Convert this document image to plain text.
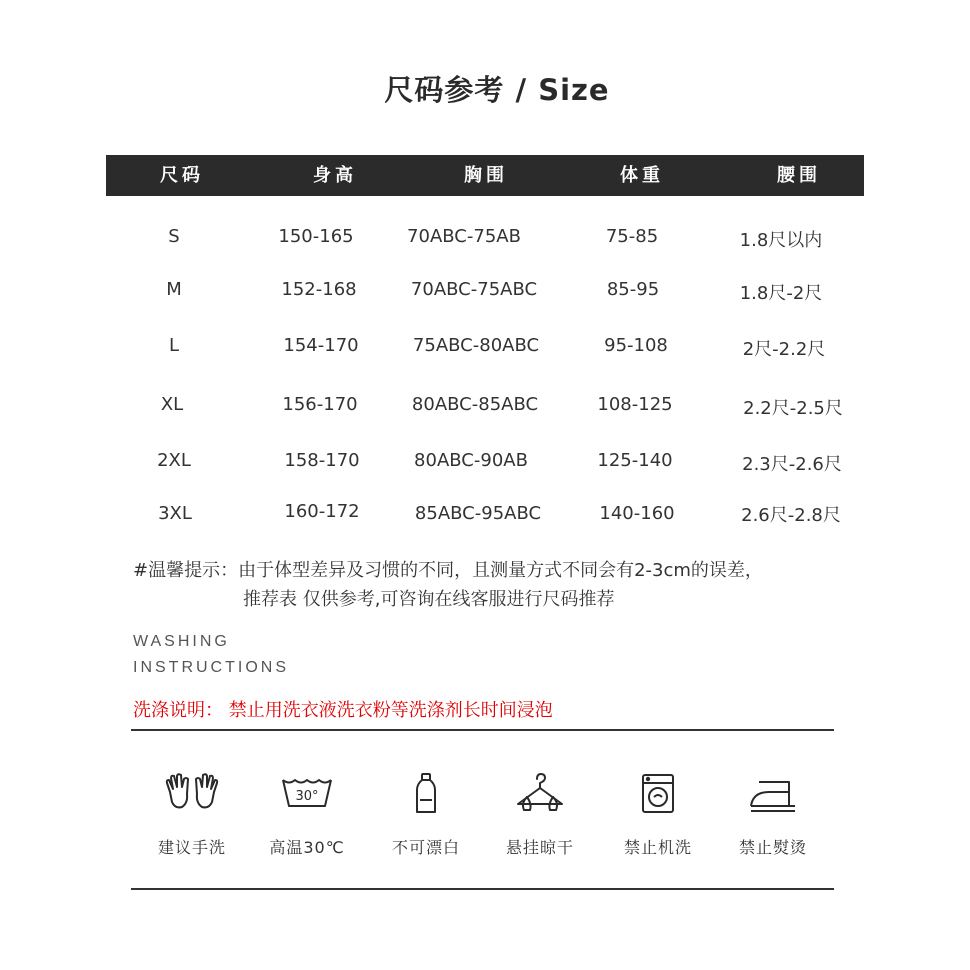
尺码参考 / Size
尺码	身高	胸围	体重	腰围
S	150-165	70ABC-75AB	75-85	1.8尺以内
M	152-168	70ABC-75ABC	85-95	1.8尺-2尺
L	154-170	75ABC-80ABC	95-108	2尺-2.2尺
XL	156-170	80ABC-85ABC	108-125	2.2尺-2.5尺
2XL	158-170	80ABC-90AB	125-140	2.3尺-2.6尺
3XL	160-172	85ABC-95ABC	140-160	2.6尺-2.8尺
#温馨提示：由于体型差异及习惯的不同，且测量方式不同会有2-3cm的误差，
推荐表 仅供参考,可咨询在线客服进行尺码推荐
WASHING
INSTRUCTIONS
洗涤说明： 禁止用洗衣液洗衣粉等洗涤剂长时间浸泡
30°
建议手洗	高温30℃	不可漂白	悬挂晾干	禁止机洗	禁止熨烫
